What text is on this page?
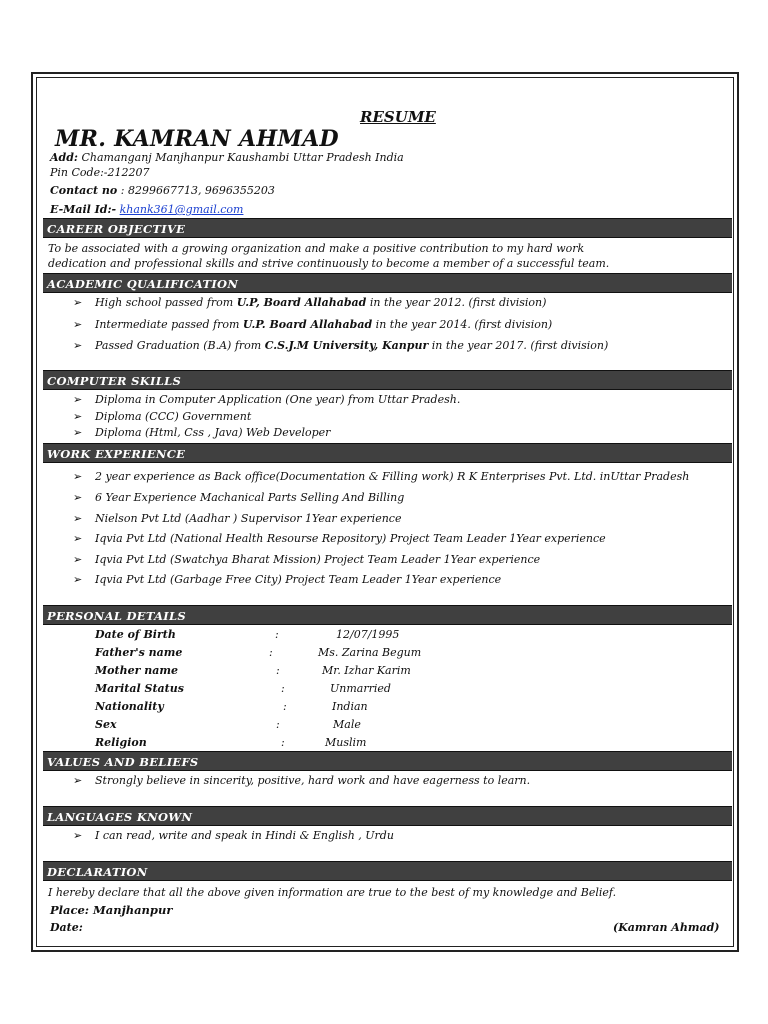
RESUME
MR. KAMRAN AHMAD
Add: Chamanganj Manjhanpur Kaushambi Uttar Pradesh India
Pin Code:-212207
Contact no : 8299667713, 9696355203
E-Mail Id:- khank361@gmail.com
CAREER OBJECTIVE
To be associated with a growing organization and make a positive contribution to my hard work
dedication and professional skills and strive continuously to become a member of a successful team.
ACADEMIC QUALIFICATION
➢ High school passed from U.P, Board Allahabad in the year 2012. (first division)
➢ Intermediate passed from U.P. Board Allahabad in the year 2014. (first division)
➢ Passed Graduation (B.A) from C.S.J.M University, Kanpur in the year 2017. (first division)
COMPUTER SKILLS
➢ Diploma in Computer Application (One year) from Uttar Pradesh.
➢ Diploma (CCC) Government
➢ Diploma (Html, Css , Java) Web Developer
WORK EXPERIENCE
➢ 2 year experience as Back office(Documentation & Filling work) R K Enterprises Pvt. Ltd. inUttar Pradesh
➢ 6 Year Experience Machanical Parts Selling And Billing
➢ Nielson Pvt Ltd (Aadhar ) Supervisor 1Year experience
➢ Iqvia Pvt Ltd (National Health Resourse Repository) Project Team Leader 1Year experience
➢ Iqvia Pvt Ltd (Swatchya Bharat Mission) Project Team Leader 1Year experience
➢ Iqvia Pvt Ltd (Garbage Free City) Project Team Leader 1Year experience
PERSONAL DETAILS
Date of Birth	:	12/07/1995
Father's name	:	Ms. Zarina Begum
Mother name	:	Mr. Izhar Karim
Marital Status	:	Unmarried
Nationality	:	Indian
Sex	:	Male
Religion	:	Muslim
VALUES AND BELIEFS
➢ Strongly believe in sincerity, positive, hard work and have eagerness to learn.
LANGUAGES KNOWN
➢ I can read, write and speak in Hindi & English , Urdu
DECLARATION
I hereby declare that all the above given information are true to the best of my knowledge and Belief.
Place: Manjhanpur
Date:	(Kamran Ahmad)
